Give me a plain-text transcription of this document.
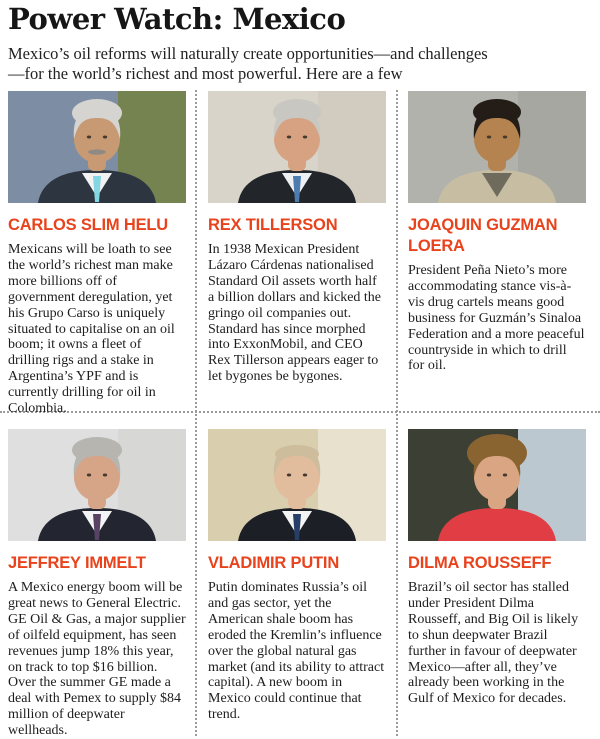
Power Watch: Mexico
Mexico’s oil reforms will naturally create opportunities—and challenges
—for the world’s richest and most powerful. Here are a few
CARLOS SLIM HELU
Mexicans will be loath to see the world’s richest man make more billions off of government deregulation, yet his Grupo Carso is uniquely situated to capitalise on an oil boom; it owns a fleet of drilling rigs and a stake in Argentina’s YPF and is currently drilling for oil in Colombia.
REX TILLERSON
In 1938 Mexican President Lázaro Cárdenas nationalised Standard Oil assets worth half a billion dollars and kicked the gringo oil companies out. Standard has since morphed into ExxonMobil, and CEO Rex Tillerson appears eager to let bygones be bygones.
JOAQUIN GUZMAN LOERA
President Peña Nieto’s more accommodating stance vis-à-vis drug cartels means good business for Guzmán’s Sinaloa Federation and a more peaceful countryside in which to drill for oil.
JEFFREY IMMELT
A Mexico energy boom will be great news to General Electric. GE Oil & Gas, a major supplier of oilfeld equipment, has seen revenues jump 18% this year, on track to top $16 billion. Over the summer GE made a deal with Pemex to supply $84 million of deepwater wellheads.
VLADIMIR PUTIN
Putin dominates Russia’s oil and gas sector, yet the American shale boom has eroded the Kremlin’s influence over the global natural gas market (and its ability to attract capital). A new boom in Mexico could continue that trend.
DILMA ROUSSEFF
Brazil’s oil sector has stalled under President Dilma Rousseff, and Big Oil is likely to shun deepwater Brazil further in favour of deepwater Mexico—after all, they’ve already been working in the Gulf of Mexico for decades.
